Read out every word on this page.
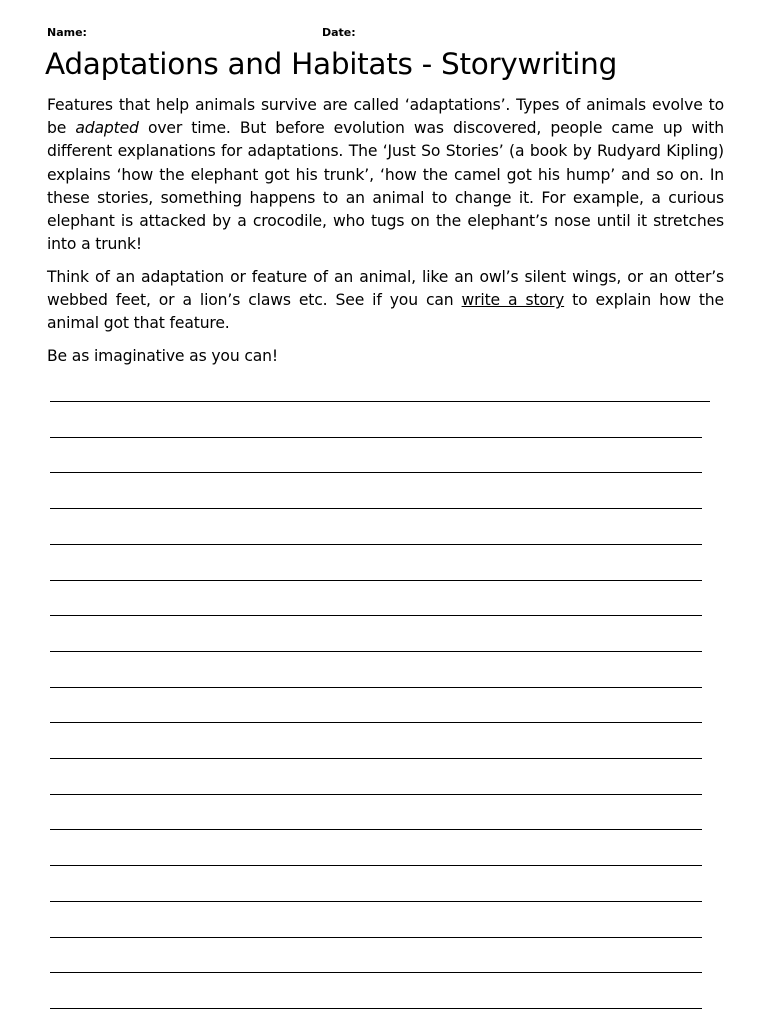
Name:	Date:
Adaptations and Habitats - Storywriting

Features that help animals survive are called ‘adaptations’. Types of animals evolve to be adapted over time. But before evolution was discovered, people came up with different explanations for adaptations. The ‘Just So Stories’ (a book by Rudyard Kipling) explains ‘how the elephant got his trunk’, ‘how the camel got his hump’ and so on. In these stories, something happens to an animal to change it. For example, a curious elephant is attacked by a crocodile, who tugs on the elephant’s nose until it stretches into a trunk!

Think of an adaptation or feature of an animal, like an owl’s silent wings, or an otter’s webbed feet, or a lion’s claws etc. See if you can write a story to explain how the animal got that feature.

Be as imaginative as you can!
